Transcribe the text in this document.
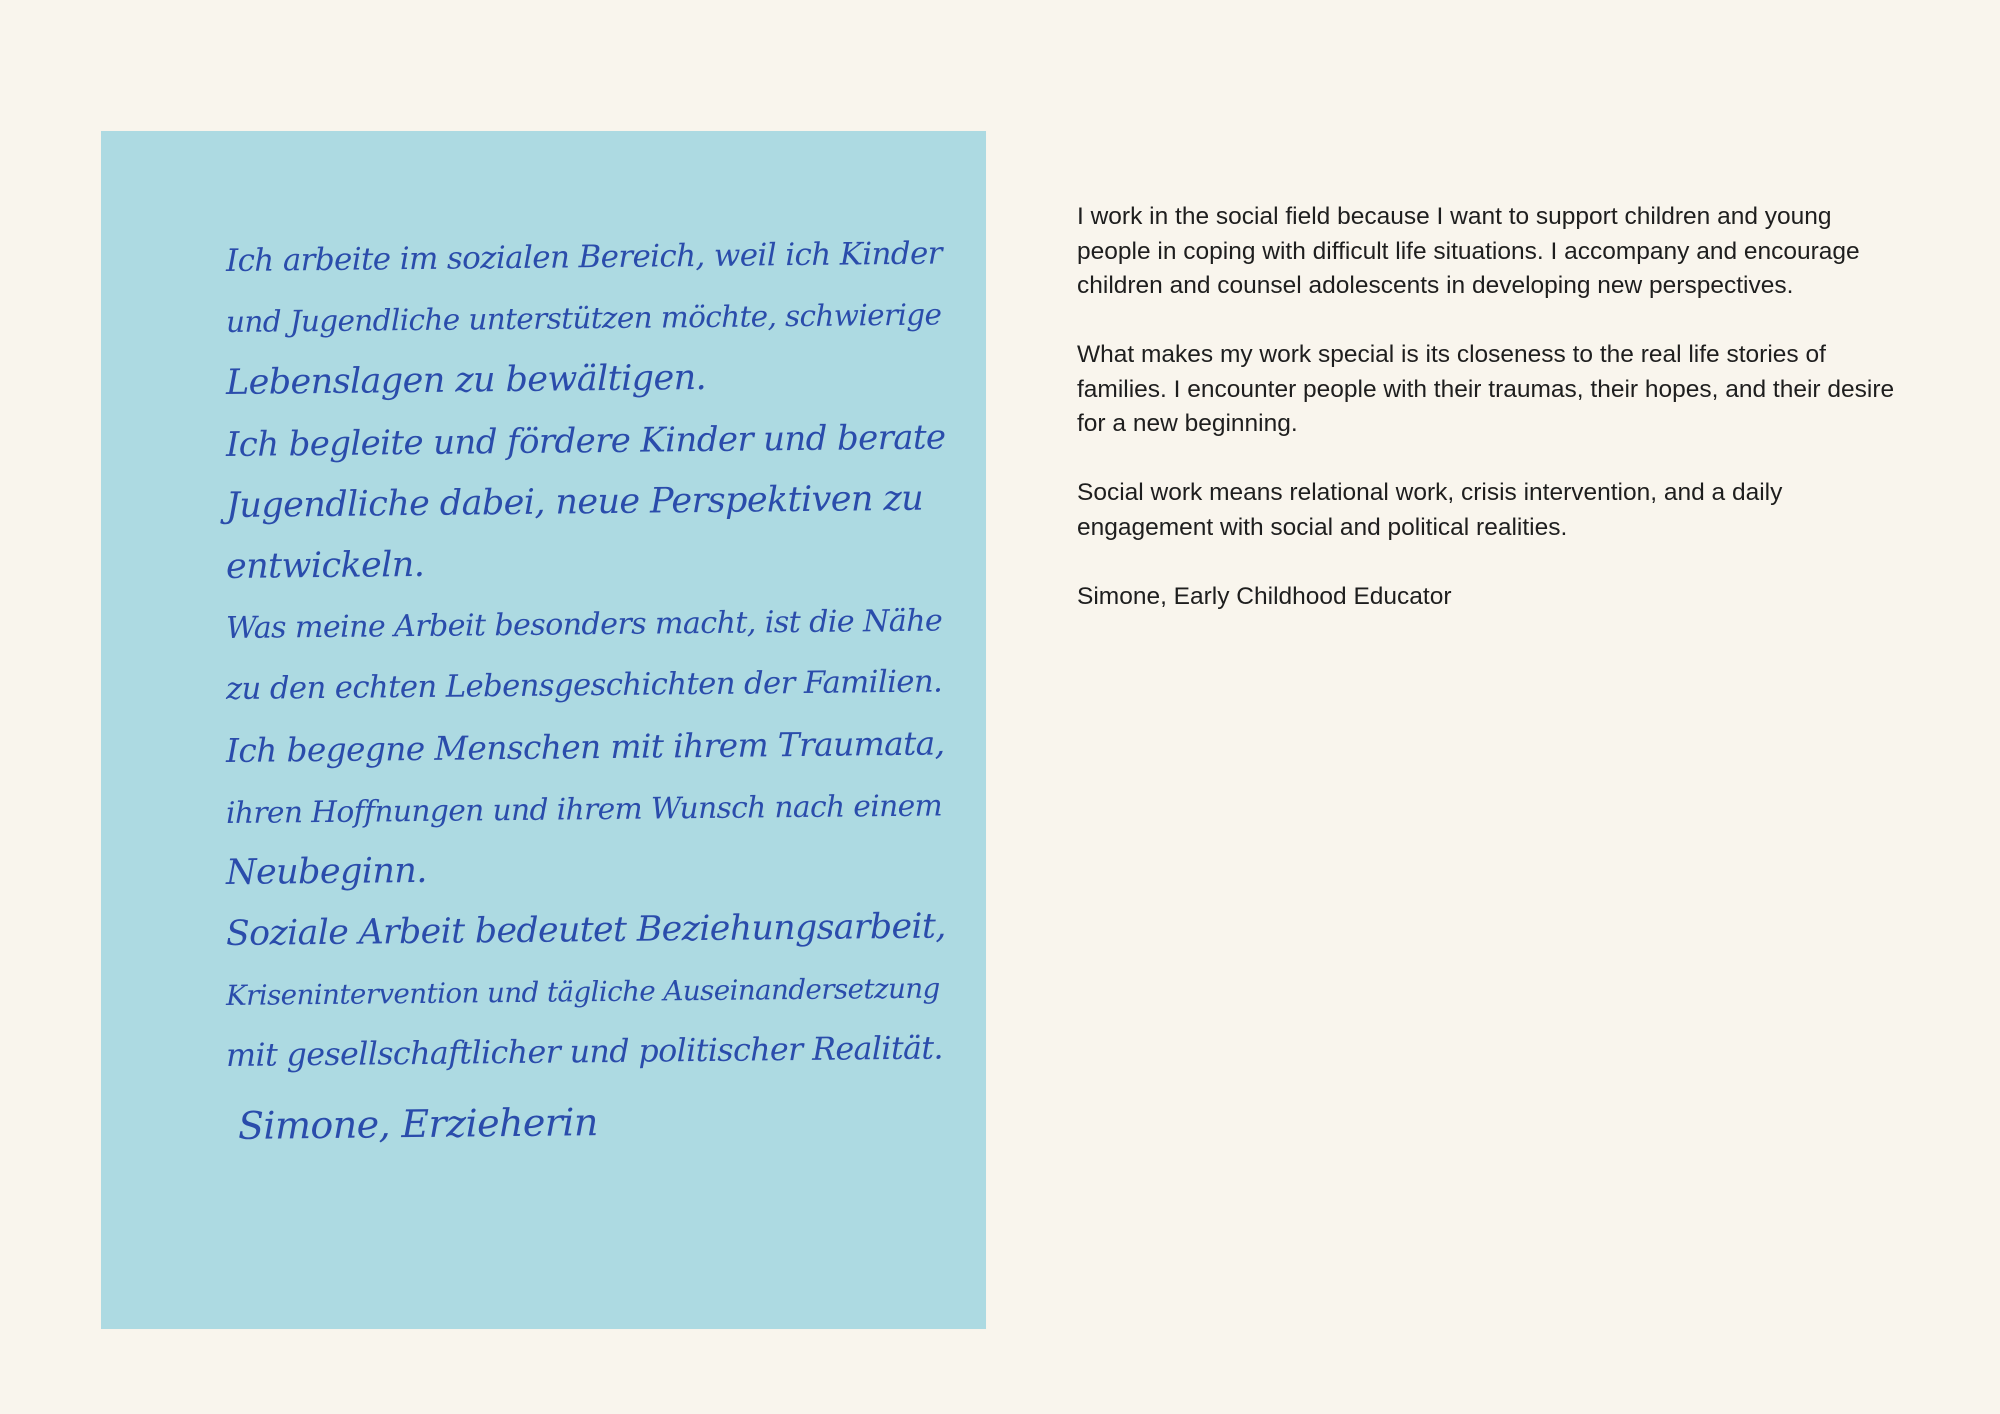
Ich arbeite im sozialen Bereich, weil ich Kinder
und Jugendliche unterstützen möchte, schwierige
Lebenslagen zu bewältigen.
Ich begleite und fördere Kinder und berate
Jugendliche dabei, neue Perspektiven zu
entwickeln.
Was meine Arbeit besonders macht, ist die Nähe
zu den echten Lebensgeschichten der Familien.
Ich begegne Menschen mit ihrem Traumata,
ihren Hoffnungen und ihrem Wunsch nach einem
Neubeginn.
Soziale Arbeit bedeutet Beziehungsarbeit,
Krisenintervention und tägliche Auseinandersetzung
mit gesellschaftlicher und politischer Realität.
Simone, Erzieherin

I work in the social field because I want to support children and young people in coping with difficult life situations. I accompany and encourage children and counsel adolescents in developing new perspectives.

What makes my work special is its closeness to the real life stories of families. I encounter people with their traumas, their hopes, and their desire for a new beginning.

Social work means relational work, crisis intervention, and a daily engagement with social and political realities.

Simone, Early Childhood Educator
